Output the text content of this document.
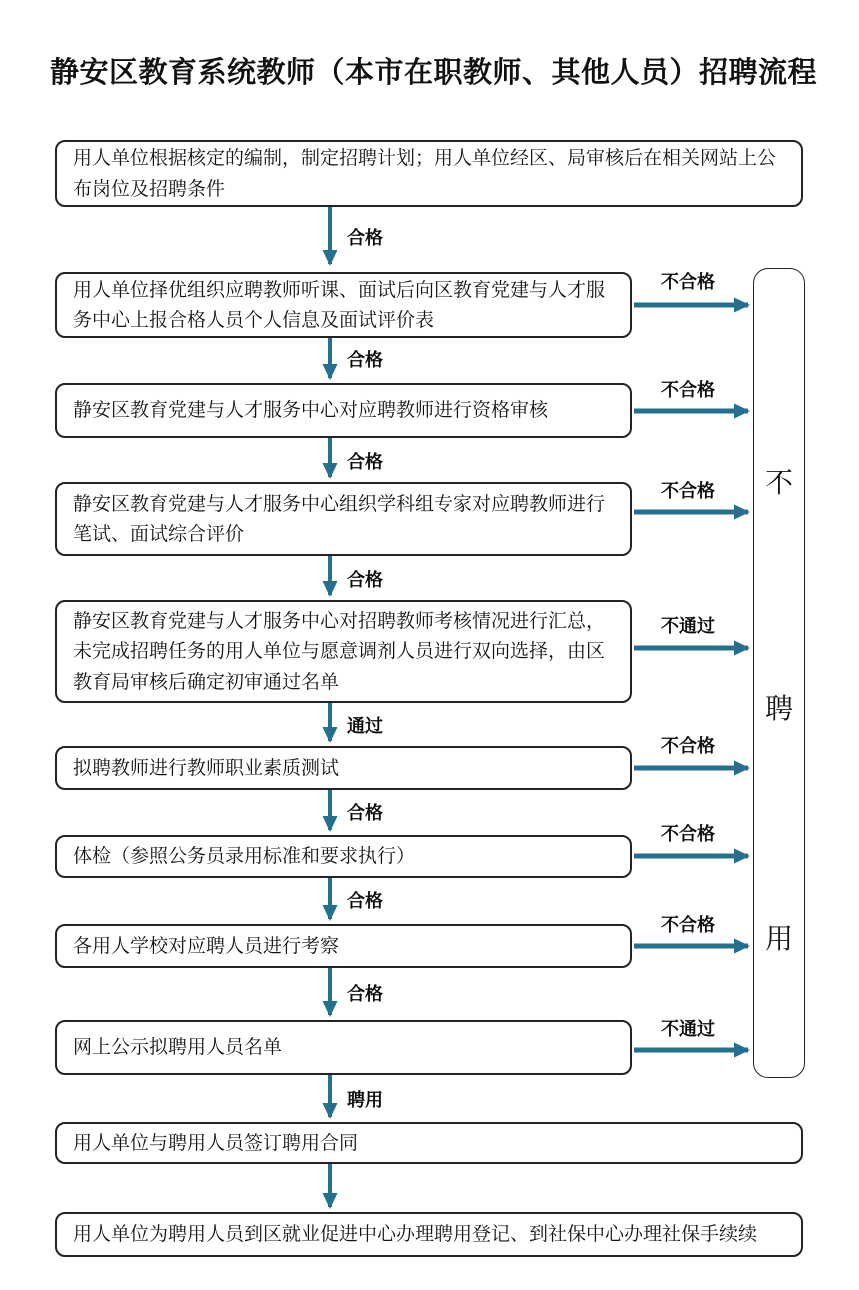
静安区教育系统教师（本市在职教师、其他人员）招聘流程
用人单位根据核定的编制，制定招聘计划；用人单位经区、局审核后在相关网站上公布岗位及招聘条件
用人单位择优组织应聘教师听课、面试后向区教育党建与人才服务中心上报合格人员个人信息及面试评价表
静安区教育党建与人才服务中心对应聘教师进行资格审核
静安区教育党建与人才服务中心组织学科组专家对应聘教师进行笔试、面试综合评价
静安区教育党建与人才服务中心对招聘教师考核情况进行汇总，未完成招聘任务的用人单位与愿意调剂人员进行双向选择，由区教育局审核后确定初审通过名单
拟聘教师进行教师职业素质测试
体检（参照公务员录用标准和要求执行）
各用人学校对应聘人员进行考察
网上公示拟聘用人员名单
用人单位与聘用人员签订聘用合同
用人单位为聘用人员到区就业促进中心办理聘用登记、到社保中心办理社保手续续
不
聘
用
合格
合格
合格
合格
通过
合格
合格
合格
聘用
不合格
不合格
不合格
不通过
不合格
不合格
不合格
不通过
